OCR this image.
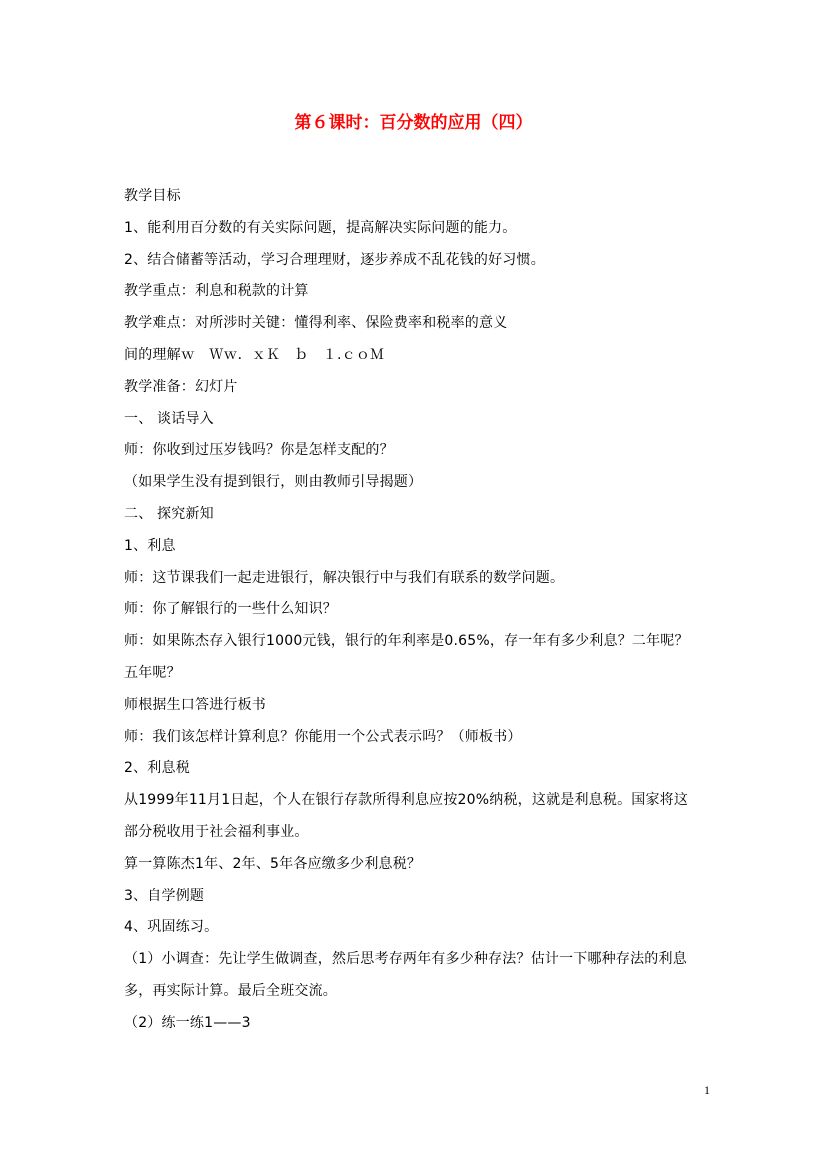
第６课时：百分数的应用（四）
教学目标
1、能利用百分数的有关实际问题，提高解决实际问题的能力。
2、结合储蓄等活动，学习合理理财，逐步养成不乱花钱的好习惯。
教学重点：利息和税款的计算
教学难点：对所涉时关键：懂得利率、保险费率和税率的意义
间的理解ｗ　Ｗｗ．ｘＫ　ｂ　１.ｃｏＭ
教学准备：幻灯片
一、 谈话导入
师：你收到过压岁钱吗？你是怎样支配的？
（如果学生没有提到银行，则由教师引导揭题）
二、 探究新知
1、利息
师：这节课我们一起走进银行，解决银行中与我们有联系的数学问题。
师：你了解银行的一些什么知识？
师：如果陈杰存入银行1000元钱，银行的年利率是0.65%，存一年有多少利息？二年呢？
五年呢？
师根据生口答进行板书
师：我们该怎样计算利息？你能用一个公式表示吗？（师板书）
2、利息税
从1999年11月1日起，个人在银行存款所得利息应按20%纳税，这就是利息税。国家将这
部分税收用于社会福利事业。
算一算陈杰1年、2年、5年各应缴多少利息税？
3、自学例题
4、巩固练习。
（1）小调查：先让学生做调查，然后思考存两年有多少种存法？估计一下哪种存法的利息
多，再实际计算。最后全班交流。
（2）练一练1——3
1
